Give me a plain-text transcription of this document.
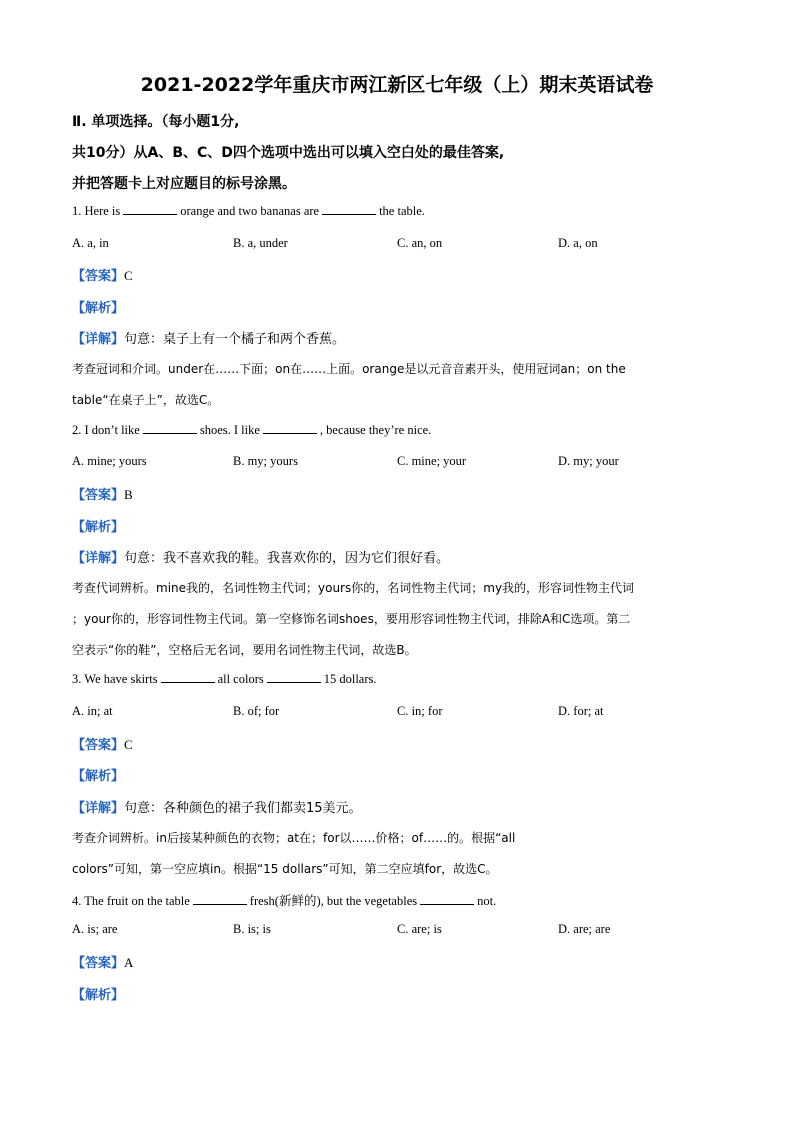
2021-2022学年重庆市两江新区七年级（上）期末英语试卷
Ⅱ. 单项选择。（每小题1分,
共10分）从A、B、C、D四个选项中选出可以填入空白处的最佳答案,
并把答题卡上对应题目的标号涂黑。
1. Here is	orange and two bananas are	the table.
A. a, in	B. a, under	C. an, on	D. a, on
【答案】C
【解析】
【详解】句意：桌子上有一个橘子和两个香蕉。
考查冠词和介词。under在……下面；on在……上面。orange是以元音音素开头，使用冠词an；on the
table“在桌子上”，故选C。
2. I don’t like	shoes. I like	, because they’re nice.
A. mine; yours	B. my; yours	C. mine; your	D. my; your
【答案】B
【解析】
【详解】句意：我不喜欢我的鞋。我喜欢你的，因为它们很好看。
考查代词辨析。mine我的，名词性物主代词；yours你的，名词性物主代词；my我的，形容词性物主代词
；your你的，形容词性物主代词。第一空修饰名词shoes，要用形容词性物主代词，排除A和C选项。第二
空表示“你的鞋”，空格后无名词，要用名词性物主代词，故选B。
3. We have skirts	all colors	15 dollars.
A. in; at	B. of; for	C. in; for	D. for; at
【答案】C
【解析】
【详解】句意：各种颜色的裙子我们都卖15美元。
考查介词辨析。in后接某种颜色的衣物；at在；for以……价格；of……的。根据“all
colors”可知，第一空应填in。根据“15 dollars”可知，第二空应填for，故选C。
4. The fruit on the table	fresh(新鲜的), but the vegetables	not.
A. is; are	B. is; is	C. are; is	D. are; are
【答案】A
【解析】
